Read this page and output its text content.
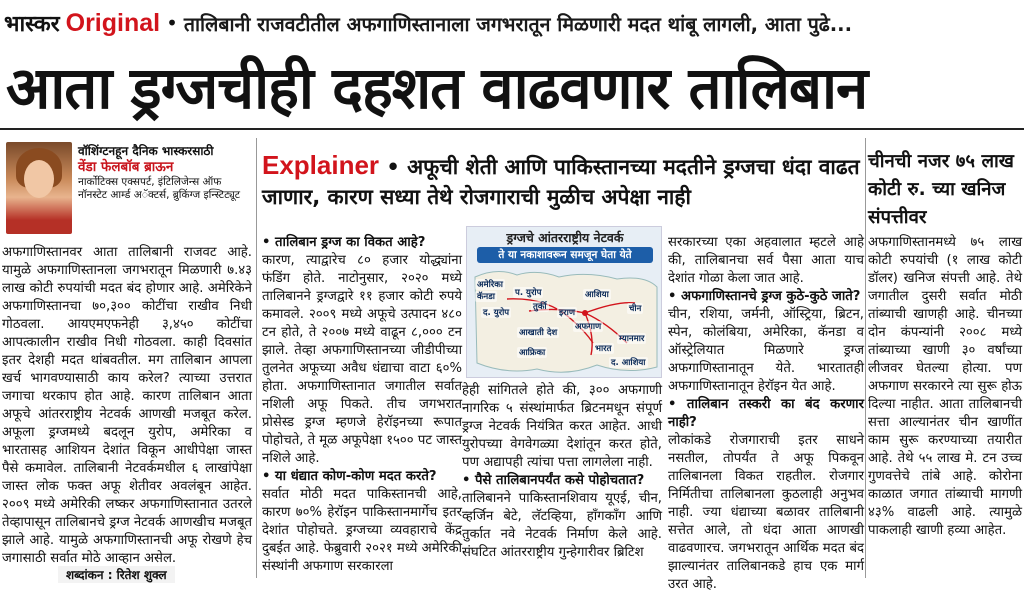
भास्कर Original • तालिबानी राजवटीतील अफगाणिस्तानाला जगभरातून मिळणारी मदत थांबू लागली, आता पुढे...
आता ड्रग्जचीही दहशत वाढवणार तालिबान
वॉशिंग्टनहून दैनिक भास्करसाठी
वेंडा फेलबॉब ब्राऊन
नार्कोटिक्स एक्सपर्ट, इंटिलिजेन्स ऑफ
नॉनस्टेट आर्म्ड अॅक्टर्स, ब्रुकिंग्ज इन्स्टिट्यूट
Explainer • अफूची शेती आणि पाकिस्तानच्या मदतीने ड्रग्जचा धंदा वाढत जाणार, कारण सध्या तेथे रोजगाराची मुळीच अपेक्षा नाही
चीनची नजर ७५ लाख कोटी रु. च्या खनिज संपत्तीवर

अफगाणिस्तानवर आता तालिबानी राजवट आहे. यामुळे अफगाणिस्तानला जगभरातून मिळणारी ७.४३ लाख कोटी रुपयांची मदत बंद होणार आहे. अमेरिकेने अफगाणिस्तानचा ७०,३०० कोटींचा राखीव निधी गोठवला. आयएमएफनेही ३,४५० कोटींचा आपत्कालीन राखीव निधी गोठवला. काही दिवसांत इतर देशही मदत थांबवतील. मग तालिबान आपला खर्च भागवण्यासाठी काय करेल? त्याच्या उत्तरात जगाचा थरकाप होत आहे. कारण तालिबान आता अफूचे आंतरराष्ट्रीय नेटवर्क आणखी मजबूत करेल. अफूला ड्रग्जमध्ये बदलून युरोप, अमेरिका व भारतासह आशियन देशांत विकून आधीपेक्षा जास्त पैसे कमावेल. तालिबानी नेटवर्कमधील ६ लाखांपेक्षा जास्त लोक फक्त अफू शेतीवर अवलंबून आहेत. २००९ मध्ये अमेरिकी लष्कर अफगाणिस्तानात उतरले तेव्हापासून तालिबानचे ड्रग्ज नेटवर्क आणखीच मजबूत झाले आहे. यामुळे अफगाणिस्तानची अफू रोखणे हेच जगासाठी सर्वात मोठे आव्हान असेल.

शब्दांकन : रितेश शुक्ल

• तालिबान ड्रग्ज का विकत आहे?

कारण, त्याद्वारेच ८० हजार योद्ध्यांना फंडिंग होते. नाटोनुसार, २०२० मध्ये तालिबानने ड्रग्जद्वारे ११ हजार कोटी रुपये कमावले. २००९ मध्ये अफूचे उत्पादन ४८० टन होते, ते २००७ मध्ये वाढून ८,००० टन झाले. तेव्हा अफगाणिस्तानच्या जीडीपीच्या तुलनेत अफूच्या अवैध धंद्याचा वाटा ६०% होता. अफगाणिस्तानात जगातील सर्वात नशिली अफू पिकते. तीच जगभरात प्रोसेस्ड ड्रग्ज म्हणजे हेरॉइनच्या रूपात पोहोचते, ते मूळ अफूपेक्षा १५०० पट जास्त नशिले आहे.

• या धंद्यात कोण-कोण मदत करते?

सर्वात मोठी मदत पाकिस्तानची आहे, कारण ७०% हेरॉइन पाकिस्तानमार्गेच इतर देशांत पोहोचते. ड्रग्जच्या व्यवहाराचे केंद्र दुबईत आहे. फेब्रुवारी २०२१ मध्ये अमेरिकी संस्थांनी अफगाण सरकारला

ड्रग्जचे आंतरराष्ट्रीय नेटवर्क
ते या नकाशावरून समजून घेता येते
अमेरिका
कॅनडा प. युरोप
द. युरोप
तुर्की
इराण
आशिया
अफगाण
चीन
आखाती देश
आफ्रिका	भारत
म्यानमार
द. आशिया

हेही सांगितले होते की, ३०० अफगाणी नागरिक ५ संस्थांमार्फत ब्रिटनमधून संपूर्ण ड्रग्ज नेटवर्क नियंत्रित करत आहेत. आधी युरोपच्या वेगवेगळ्या देशांतून करत होते, पण अद्यापही त्यांचा पत्ता लागलेला नाही.

• पैसे तालिबानपर्यंत कसे पोहोचतात?

तालिबानने पाकिस्तानशिवाय यूएई, चीन, व्हर्जिन बेटे, लॅटव्हिया, हाँगकाँग आणि तुर्कात नवे नेटवर्क निर्माण केले आहे. संघटित आंतरराष्ट्रीय गुन्हेगारीवर ब्रिटिश

सरकारच्या एका अहवालात म्हटले आहे की, तालिबानचा सर्व पैसा आता याच देशांत गोळा केला जात आहे.

• अफगाणिस्तानचे ड्रग्ज कुठे-कुठे जाते?

चीन, रशिया, जर्मनी, ऑस्ट्रिया, ब्रिटन, स्पेन, कोलंबिया, अमेरिका, कॅनडा व ऑस्ट्रेलियात मिळणारे ड्रग्ज अफगाणिस्तानातून येते. भारतातही अफगाणिस्तानातून हेरॉइन येत आहे.

• तालिबान तस्करी का बंद करणार नाही?

लोकांकडे रोजगाराची इतर साधने नसतील, तोपर्यंत ते अफू पिकवून तालिबानला विकत राहतील. रोजगार निर्मितीचा तालिबानला कुठलाही अनुभव नाही. ज्या धंद्याच्या बळावर तालिबानी सत्तेत आले, तो धंदा आता आणखी वाढवणारच. जगभरातून आर्थिक मदत बंद झाल्यानंतर तालिबानकडे हाच एक मार्ग उरत आहे.

अफगाणिस्तानमध्ये ७५ लाख कोटी रुपयांची (१ लाख कोटी डॉलर) खनिज संपत्ती आहे. तेथे जगातील दुसरी सर्वात मोठी तांब्याची खाणही आहे. चीनच्या दोन कंपन्यांनी २००८ मध्ये तांब्याच्या खाणी ३० वर्षांच्या लीजवर घेतल्या होत्या. पण अफगाण सरकारने त्या सुरू होऊ दिल्या नाहीत. आता तालिबानची सत्ता आल्यानंतर चीन खाणींत काम सुरू करण्याच्या तयारीत आहे. तेथे ५५ लाख मे. टन उच्च गुणवत्तेचे तांबे आहे. कोरोना काळात जगात तांब्याची मागणी ४३% वाढली आहे. त्यामुळे पाकलाही खाणी हव्या आहेत.
